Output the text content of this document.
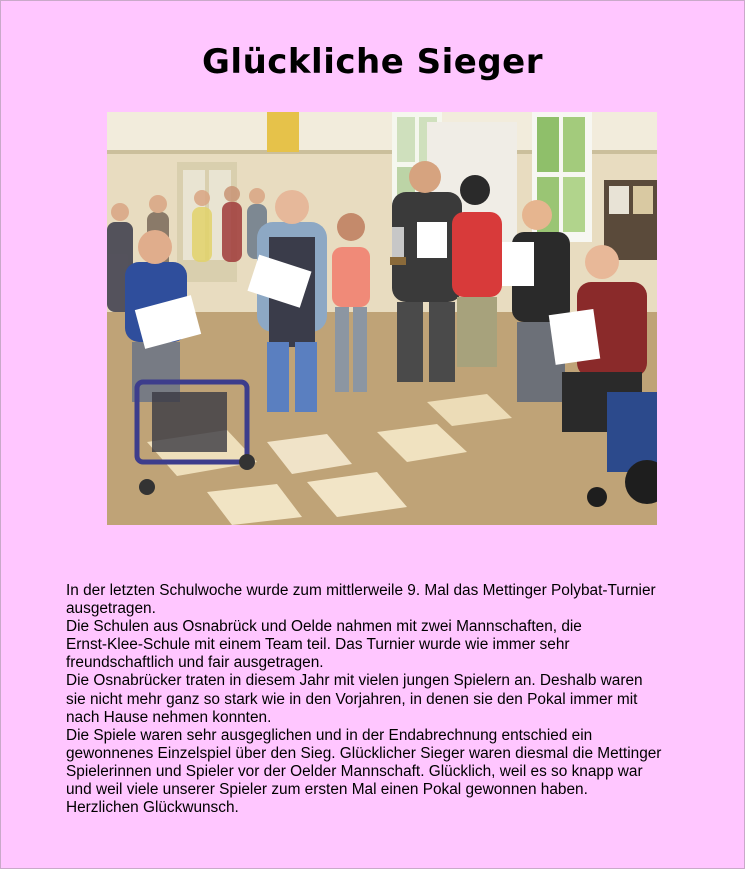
Glückliche Sieger

In der letzten Schulwoche wurde zum mittlerweile 9. Mal das Mettinger Polybat-Turnier
ausgetragen.

Die Schulen aus Osnabrück und Oelde nahmen mit zwei Mannschaften, die
Ernst-Klee-Schule mit einem Team teil. Das Turnier wurde wie immer sehr
freundschaftlich und fair ausgetragen.

Die Osnabrücker traten in diesem Jahr mit vielen jungen Spielern an. Deshalb waren
sie nicht mehr ganz so stark wie in den Vorjahren, in denen sie den Pokal immer mit
nach Hause nehmen konnten.

Die Spiele waren sehr ausgeglichen und in der Endabrechnung entschied ein
gewonnenes Einzelspiel über den Sieg. Glücklicher Sieger waren diesmal die Mettinger
Spielerinnen und Spieler vor der Oelder Mannschaft. Glücklich, weil es so knapp war
und weil viele unserer Spieler zum ersten Mal einen Pokal gewonnen haben.

Herzlichen Glückwunsch.
